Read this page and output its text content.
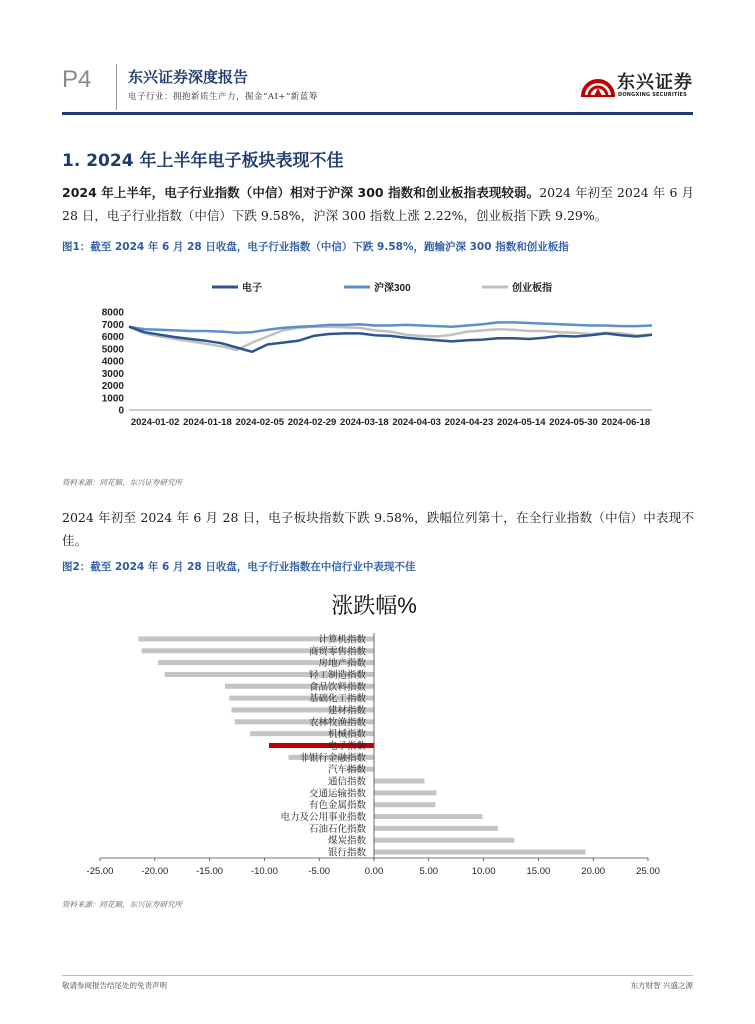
P4 东兴证券深度报告
电子行业：拥抱新质生产力，掘金“AI+”新蓝筹
东兴证券
DONGXING SECURITIES
1. 2024 年上半年电子板块表现不佳
2024 年上半年，电子行业指数（中信）相对于沪深 300 指数和创业板指表现较弱。2024 年初至 2024 年 6 月 28 日，电子行业指数（中信）下跌 9.58%，沪深 300 指数上涨 2.22%，创业板指下跌 9.29%。
图1：截至 2024 年 6 月 28 日收盘，电子行业指数（中信）下跌 9.58%，跑输沪深 300 指数和创业板指
电子	沪深300	创业板指
0
1000
2000
3000
4000
5000
6000
7000
8000
2024-01-02 2024-01-18 2024-02-05 2024-02-29 2024-03-18 2024-04-03 2024-04-23 2024-05-14 2024-05-30 2024-06-18
资料来源：同花顺、东兴证券研究所
2024 年初至 2024 年 6 月 28 日，电子板块指数下跌 9.58%，跌幅位列第十，在全行业指数（中信）中表现不佳。
图2：截至 2024 年 6 月 28 日收盘，电子行业指数在中信行业中表现不佳
涨跌幅%
计算机指数
商贸零售指数
房地产指数
轻工制造指数
食品饮料指数
基础化工指数
建材指数
农林牧渔指数
机械指数
电子指数
非银行金融指数
汽车指数
通信指数
交通运输指数
有色金属指数
电力及公用事业指数
石油石化指数
煤炭指数
银行指数
-25.00	-20.00	-15.00	-10.00	-5.00	0.00	5.00	10.00	15.00	20.00	25.00
资料来源：同花顺、东兴证券研究所
敬请参阅报告结尾处的免责声明	东方财智 兴盛之源
